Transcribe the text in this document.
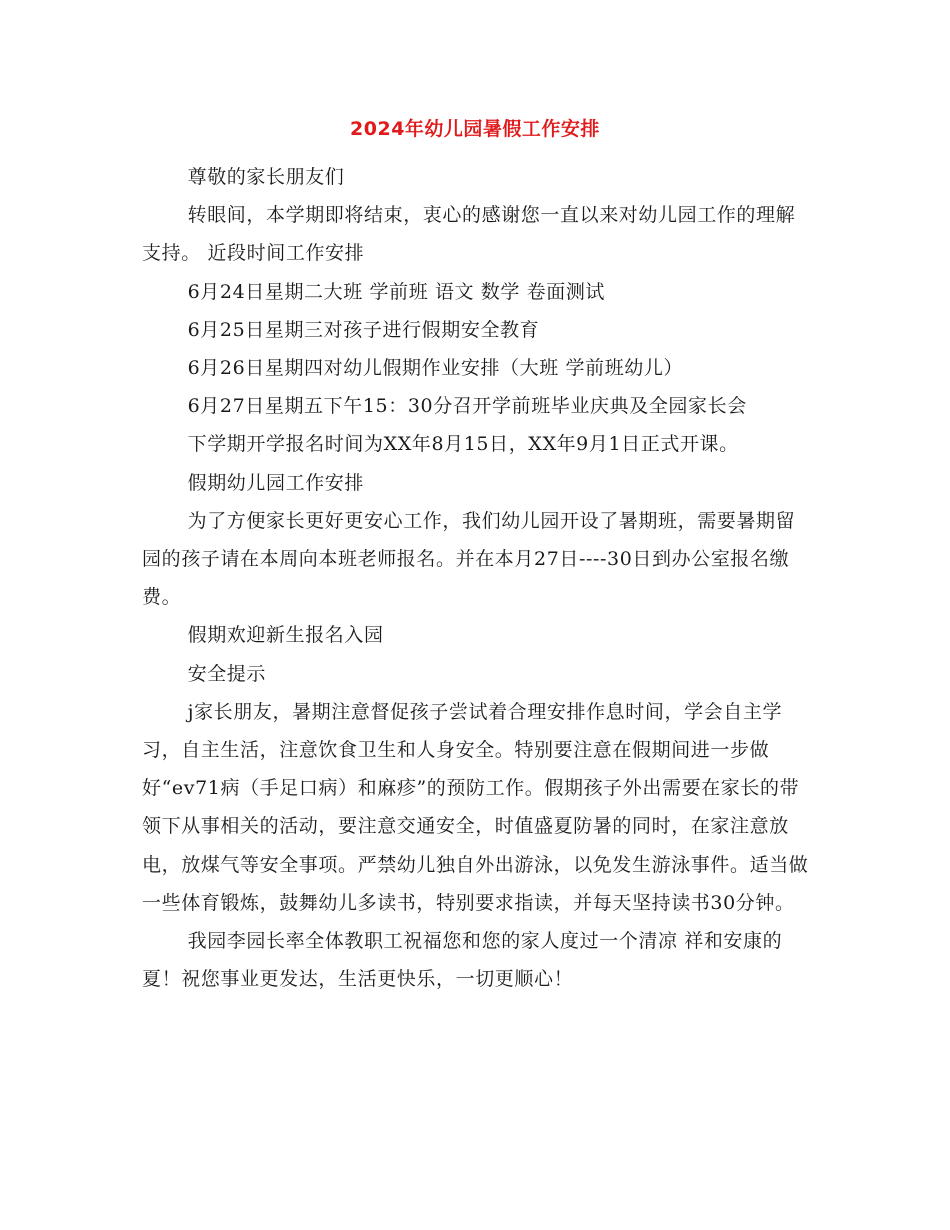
2024年幼儿园暑假工作安排

尊敬的家长朋友们

转眼间，本学期即将结束，衷心的感谢您一直以来对幼儿园工作的理解支持。 近段时间工作安排

6月24日星期二大班 学前班 语文 数学 卷面测试

6月25日星期三对孩子进行假期安全教育

6月26日星期四对幼儿假期作业安排（大班 学前班幼儿）

6月27日星期五下午15：30分召开学前班毕业庆典及全园家长会

下学期开学报名时间为XX年8月15日，XX年9月1日正式开课。

假期幼儿园工作安排

为了方便家长更好更安心工作，我们幼儿园开设了暑期班，需要暑期留园的孩子请在本周向本班老师报名。并在本月27日----30日到办公室报名缴费。

假期欢迎新生报名入园

安全提示

j家长朋友，暑期注意督促孩子尝试着合理安排作息时间，学会自主学习，自主生活，注意饮食卫生和人身安全。特别要注意在假期间进一步做好“ev71病（手足口病）和麻疹”的预防工作。假期孩子外出需要在家长的带领下从事相关的活动，要注意交通安全，时值盛夏防暑的同时，在家注意放电，放煤气等安全事项。严禁幼儿独自外出游泳，以免发生游泳事件。适当做一些体育锻炼，鼓舞幼儿多读书，特别要求指读，并每天坚持读书30分钟。

我园李园长率全体教职工祝福您和您的家人度过一个清凉 祥和安康的夏！祝您事业更发达，生活更快乐，一切更顺心！
